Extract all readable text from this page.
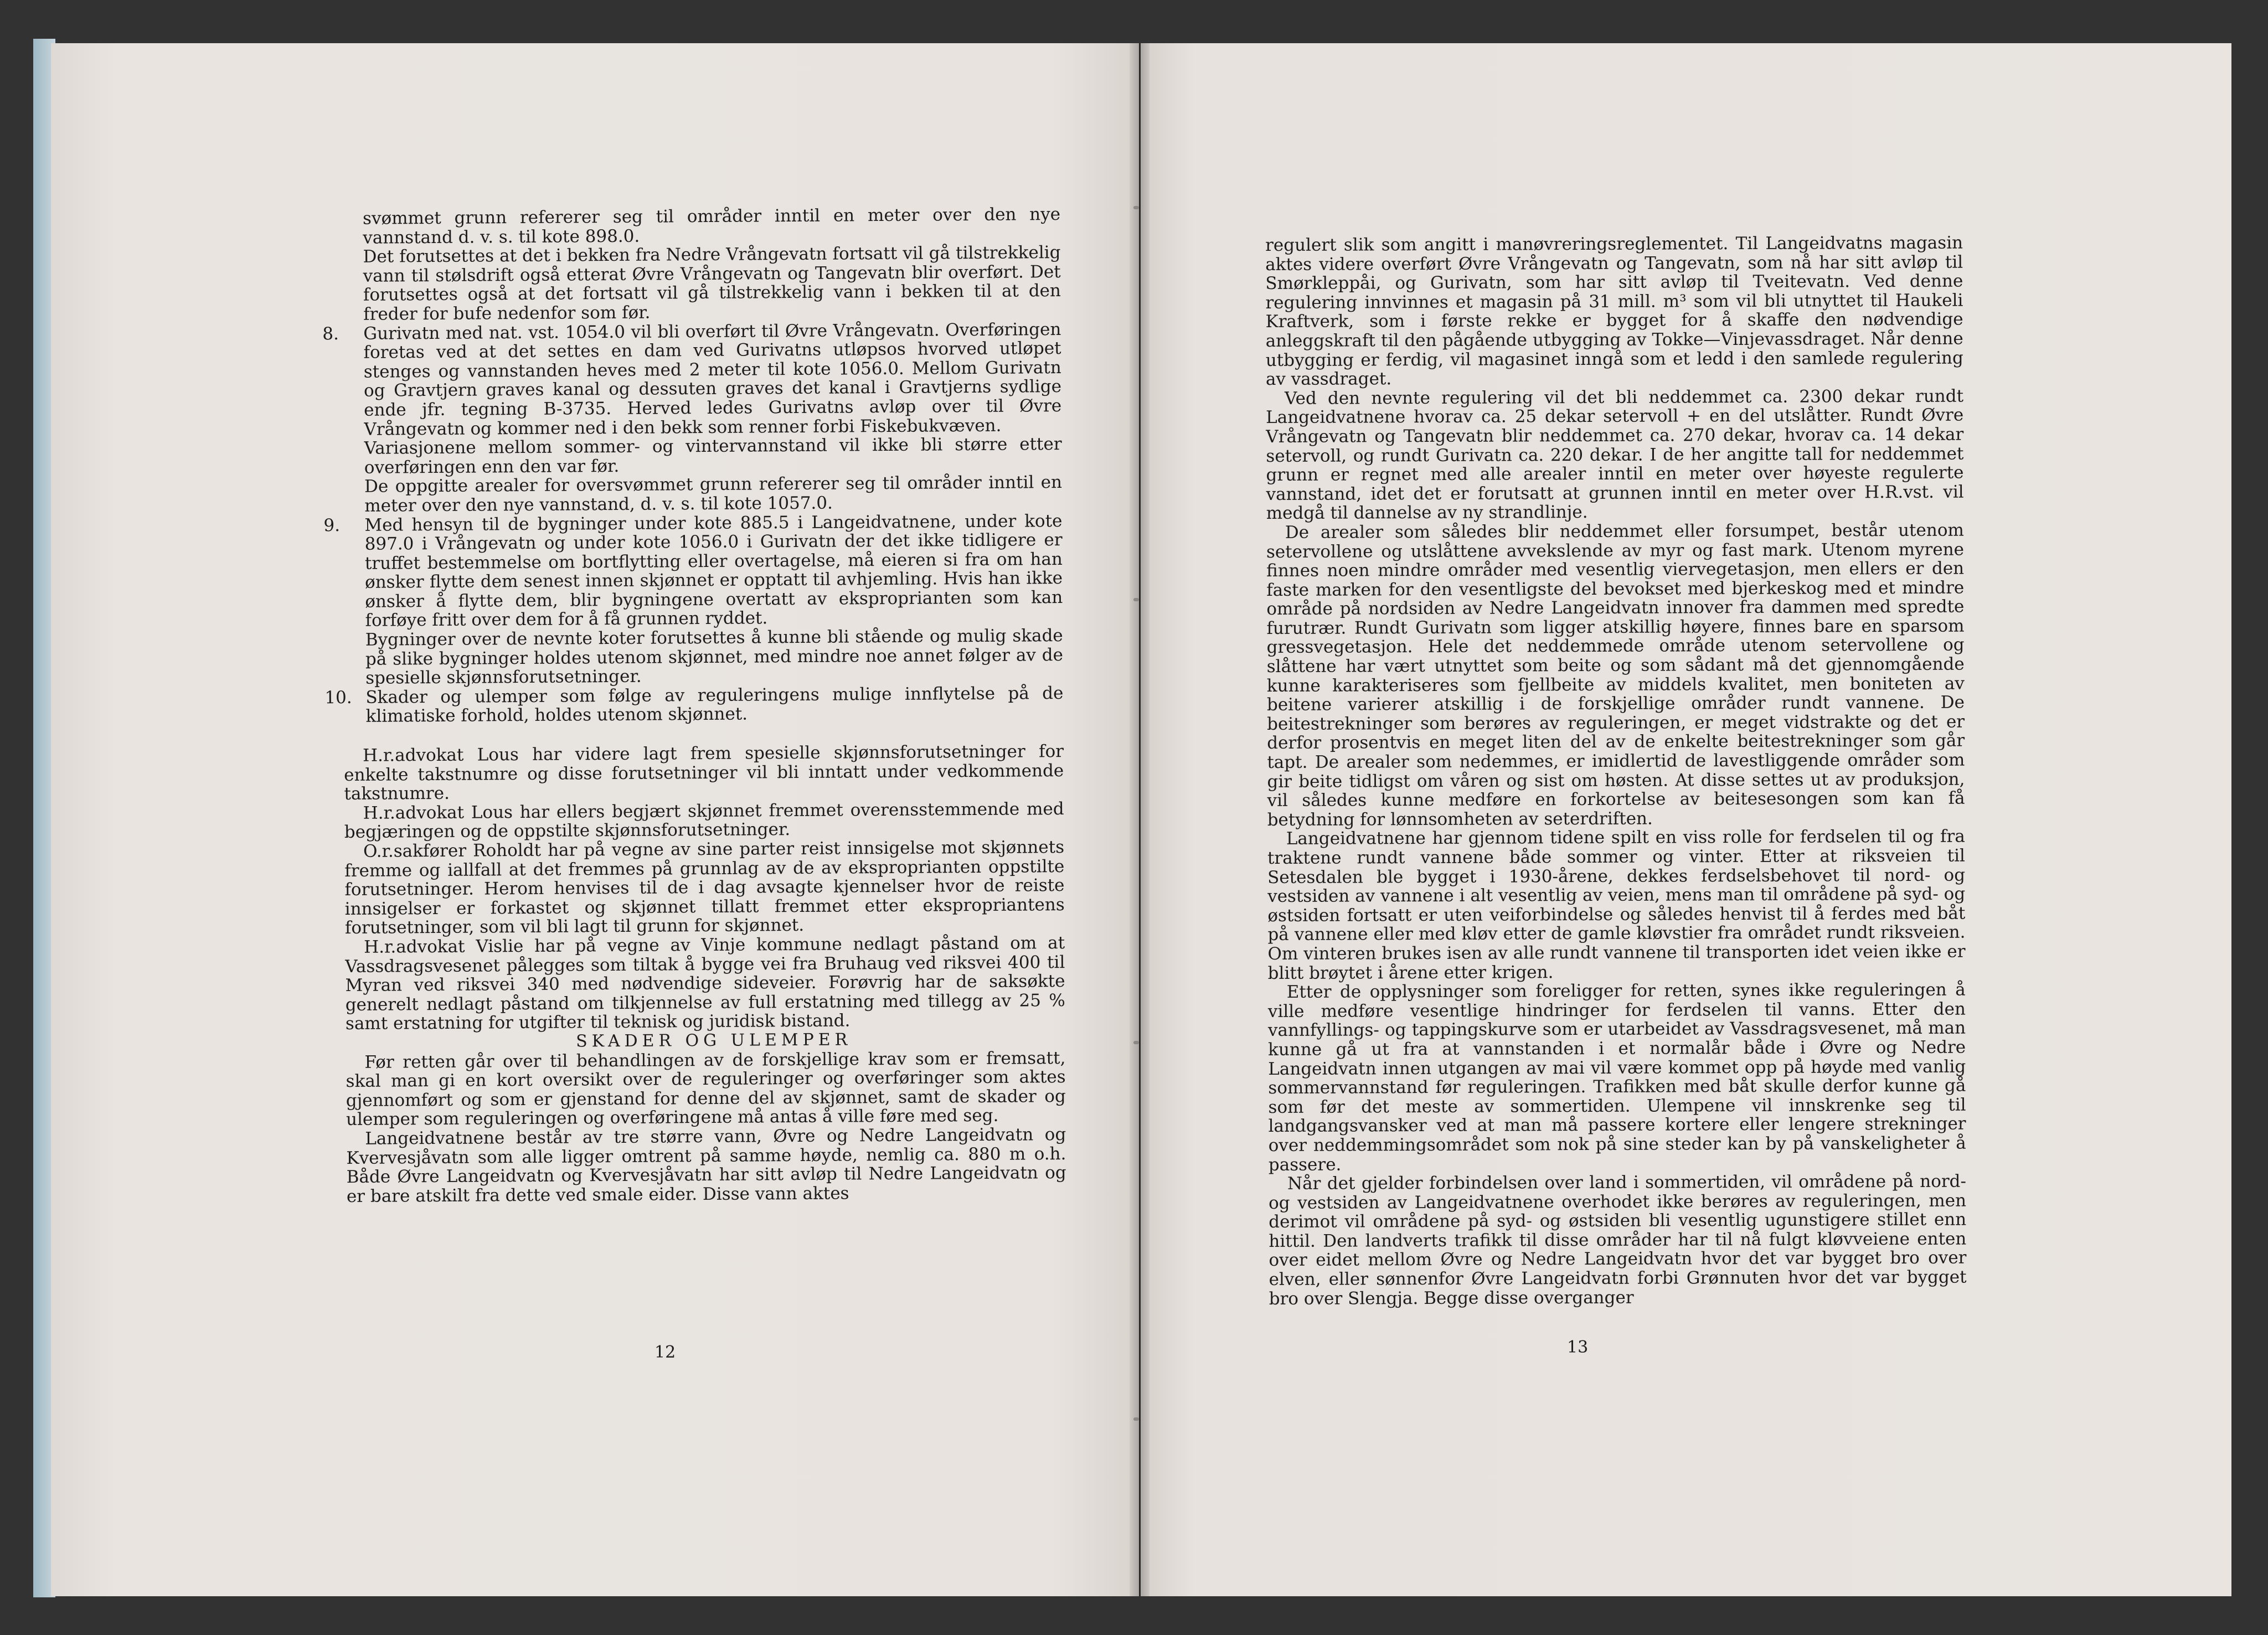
svømmet grunn refererer seg til områder inntil en meter over den nye vannstand d. v. s. til kote 898.0.

Det forutsettes at det i bekken fra Nedre Vrångevatn fortsatt vil gå tilstrekkelig vann til stølsdrift også etterat Øvre Vrångevatn og Tangevatn blir overført. Det forutsettes også at det fortsatt vil gå tilstrekkelig vann i bekken til at den freder for bufe nedenfor som før.

8. Gurivatn med nat. vst. 1054.0 vil bli overført til Øvre Vrångevatn. Overføringen foretas ved at det settes en dam ved Gurivatns utløpsos hvorved utløpet stenges og vannstanden heves med 2 meter til kote 1056.0. Mellom Gurivatn og Gravtjern graves kanal og dessuten graves det kanal i Gravtjerns sydlige ende jfr. tegning B-3735. Herved ledes Gurivatns avløp over til Øvre Vrångevatn og kommer ned i den bekk som renner forbi Fiskebukvæven.

Variasjonene mellom sommer- og vintervannstand vil ikke bli større etter overføringen enn den var før.

De oppgitte arealer for oversvømmet grunn refererer seg til områder inntil en meter over den nye vannstand, d. v. s. til kote 1057.0.

9. Med hensyn til de bygninger under kote 885.5 i Langeidvatnene, under kote 897.0 i Vrångevatn og under kote 1056.0 i Gurivatn der det ikke tidligere er truffet bestemmelse om bortflytting eller overtagelse, må eieren si fra om han ønsker flytte dem senest innen skjønnet er opptatt til avhjemling. Hvis han ikke ønsker å flytte dem, blir bygningene overtatt av eksproprianten som kan forføye fritt over dem for å få grunnen ryddet.

Bygninger over de nevnte koter forutsettes å kunne bli stående og mulig skade på slike bygninger holdes utenom skjønnet, med mindre noe annet følger av de spesielle skjønnsforutsetninger.

10. Skader og ulemper som følge av reguleringens mulige innflytelse på de klimatiske forhold, holdes utenom skjønnet.

H.r.advokat Lous har videre lagt frem spesielle skjønnsforutsetninger for enkelte takstnumre og disse forutsetninger vil bli inntatt under vedkommende takstnumre.

H.r.advokat Lous har ellers begjært skjønnet fremmet overensstemmende med begjæringen og de oppstilte skjønnsforutsetninger.

O.r.sakfører Roholdt har på vegne av sine parter reist innsigelse mot skjønnets fremme og iallfall at det fremmes på grunnlag av de av eksproprianten oppstilte forutsetninger. Herom henvises til de i dag avsagte kjennelser hvor de reiste innsigelser er forkastet og skjønnet tillatt fremmet etter ekspropriantens forutsetninger, som vil bli lagt til grunn for skjønnet.

H.r.advokat Vislie har på vegne av Vinje kommune nedlagt påstand om at Vassdragsvesenet pålegges som tiltak å bygge vei fra Bruhaug ved riksvei 400 til Myran ved riksvei 340 med nødvendige sideveier. Forøvrig har de saksøkte generelt nedlagt påstand om tilkjennelse av full erstatning med tillegg av 25 % samt erstatning for utgifter til teknisk og juridisk bistand.

SKADER OG ULEMPER

Før retten går over til behandlingen av de forskjellige krav som er fremsatt, skal man gi en kort oversikt over de reguleringer og overføringer som aktes gjennomført og som er gjenstand for denne del av skjønnet, samt de skader og ulemper som reguleringen og overføringene må antas å ville føre med seg.

Langeidvatnene består av tre større vann, Øvre og Nedre Langeidvatn og Kvervesjåvatn som alle ligger omtrent på samme høyde, nemlig ca. 880 m o.h. Både Øvre Langeidvatn og Kvervesjåvatn har sitt avløp til Nedre Langeidvatn og er bare atskilt fra dette ved smale eider. Disse vann aktes

12

regulert slik som angitt i manøvreringsreglementet. Til Langeidvatns magasin aktes videre overført Øvre Vrångevatn og Tangevatn, som nå har sitt avløp til Smørkleppåi, og Gurivatn, som har sitt avløp til Tveitevatn. Ved denne regulering innvinnes et magasin på 31 mill. m³ som vil bli utnyttet til Haukeli Kraftverk, som i første rekke er bygget for å skaffe den nødvendige anleggskraft til den pågående utbygging av Tokke—Vinjevassdraget. Når denne utbygging er ferdig, vil magasinet inngå som et ledd i den samlede regulering av vassdraget.

Ved den nevnte regulering vil det bli neddemmet ca. 2300 dekar rundt Langeidvatnene hvorav ca. 25 dekar setervoll + en del utslåtter. Rundt Øvre Vrångevatn og Tangevatn blir neddemmet ca. 270 dekar, hvorav ca. 14 dekar setervoll, og rundt Gurivatn ca. 220 dekar. I de her angitte tall for neddemmet grunn er regnet med alle arealer inntil en meter over høyeste regulerte vannstand, idet det er forutsatt at grunnen inntil en meter over H.R.vst. vil medgå til dannelse av ny strandlinje.

De arealer som således blir neddemmet eller forsumpet, består utenom setervollene og utslåttene avvekslende av myr og fast mark. Utenom myrene finnes noen mindre områder med vesentlig viervegetasjon, men ellers er den faste marken for den vesentligste del bevokset med bjerkeskog med et mindre område på nordsiden av Nedre Langeidvatn innover fra dammen med spredte furutrær. Rundt Gurivatn som ligger atskillig høyere, finnes bare en sparsom gressvegetasjon. Hele det neddemmede område utenom setervollene og slåttene har vært utnyttet som beite og som sådant må det gjennomgående kunne karakteriseres som fjellbeite av middels kvalitet, men boniteten av beitene varierer atskillig i de forskjellige områder rundt vannene. De beitestrekninger som berøres av reguleringen, er meget vidstrakte og det er derfor prosentvis en meget liten del av de enkelte beitestrekninger som går tapt. De arealer som nedemmes, er imidlertid de lavestliggende områder som gir beite tidligst om våren og sist om høsten. At disse settes ut av produksjon, vil således kunne medføre en forkortelse av beitesesongen som kan få betydning for lønnsomheten av seterdriften.

Langeidvatnene har gjennom tidene spilt en viss rolle for ferdselen til og fra traktene rundt vannene både sommer og vinter. Etter at riksveien til Setesdalen ble bygget i 1930-årene, dekkes ferdselsbehovet til nord- og vestsiden av vannene i alt vesentlig av veien, mens man til områdene på syd- og østsiden fortsatt er uten veiforbindelse og således henvist til å ferdes med båt på vannene eller med kløv etter de gamle kløvstier fra området rundt riksveien. Om vinteren brukes isen av alle rundt vannene til transporten idet veien ikke er blitt brøytet i årene etter krigen.

Etter de opplysninger som foreligger for retten, synes ikke reguleringen å ville medføre vesentlige hindringer for ferdselen til vanns. Etter den vannfyllings- og tappingskurve som er utarbeidet av Vassdragsvesenet, må man kunne gå ut fra at vannstanden i et normalår både i Øvre og Nedre Langeidvatn innen utgangen av mai vil være kommet opp på høyde med vanlig sommervannstand før reguleringen. Trafikken med båt skulle derfor kunne gå som før det meste av sommertiden. Ulempene vil innskrenke seg til landgangsvansker ved at man må passere kortere eller lengere strekninger over neddemmingsområdet som nok på sine steder kan by på vanskeligheter å passere.

Når det gjelder forbindelsen over land i sommertiden, vil områdene på nord- og vestsiden av Langeidvatnene overhodet ikke berøres av reguleringen, men derimot vil områdene på syd- og østsiden bli vesentlig ugunstigere stillet enn hittil. Den landverts trafikk til disse områder har til nå fulgt kløvveiene enten over eidet mellom Øvre og Nedre Langeidvatn hvor det var bygget bro over elven, eller sønnenfor Øvre Langeidvatn forbi Grønnuten hvor det var bygget bro over Slengja. Begge disse overganger

13
